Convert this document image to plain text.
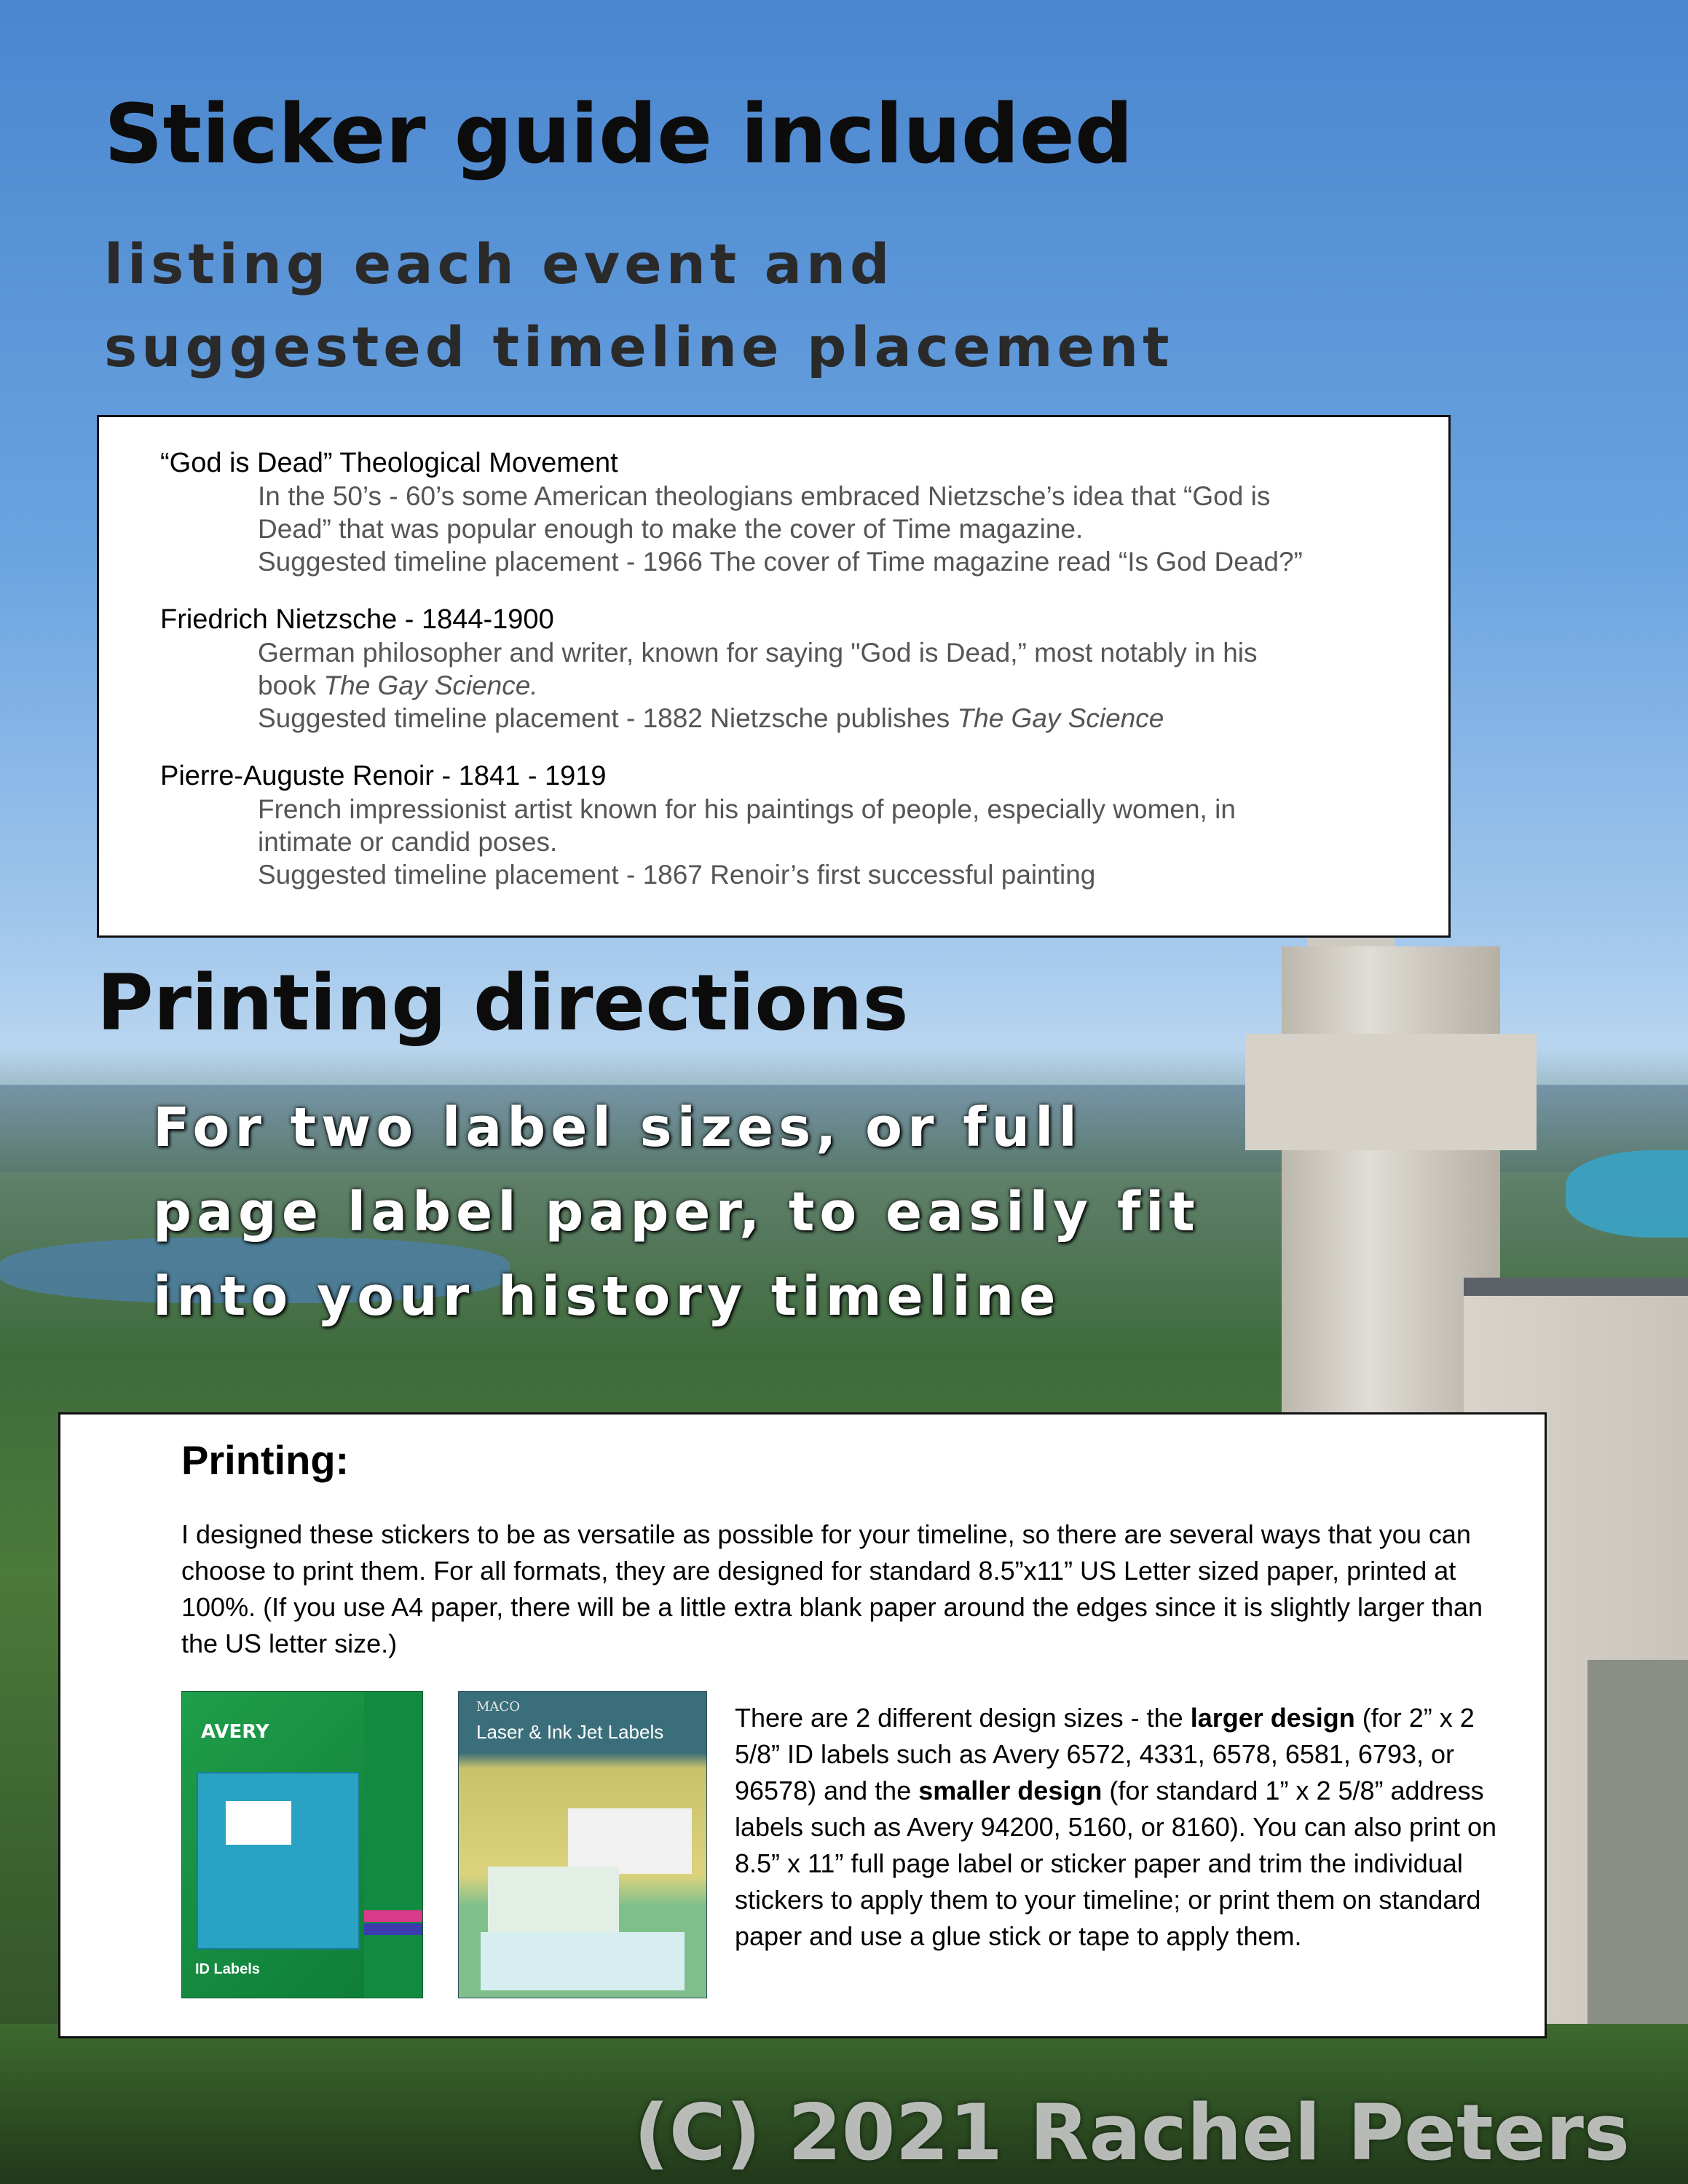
Sticker guide included
listing each event and
suggested timeline placement
“God is Dead” Theological Movement
In the 50’s - 60’s some American theologians embraced Nietzsche’s idea that “God is
Dead” that was popular enough to make the cover of Time magazine.
Suggested timeline placement - 1966 The cover of Time magazine read “Is God Dead?”
Friedrich Nietzsche - 1844-1900
German philosopher and writer, known for saying "God is Dead,” most notably in his
book The Gay Science.
Suggested timeline placement - 1882 Nietzsche publishes The Gay Science
Pierre-Auguste Renoir - 1841 - 1919
French impressionist artist known for his paintings of people, especially women, in
intimate or candid poses.
Suggested timeline placement - 1867 Renoir’s first successful painting
Printing directions
For two label sizes, or full
page label paper, to easily fit
into your history timeline
Printing:

I designed these stickers to be as versatile as possible for your timeline, so there are several ways that you can choose to print them. For all formats, they are designed for standard 8.5”x11” US Letter sized paper, printed at 100%. (If you use A4 paper, there will be a little extra blank paper around the edges since it is slightly larger than the US letter size.)

AVERY
ID Labels
MACO
Laser & Ink Jet Labels	There are 2 different design sizes - the larger design (for 2” x 2 5/8” ID labels such as Avery 6572, 4331, 6578, 6581, 6793, or 96578) and the smaller design (for standard 1” x 2 5/8” address labels such as Avery 94200, 5160, or 8160). You can also print on 8.5” x 11” full page label or sticker paper and trim the individual stickers to apply them to your timeline; or print them on standard paper and use a glue stick or tape to apply them.

(C) 2021 Rachel Peters
